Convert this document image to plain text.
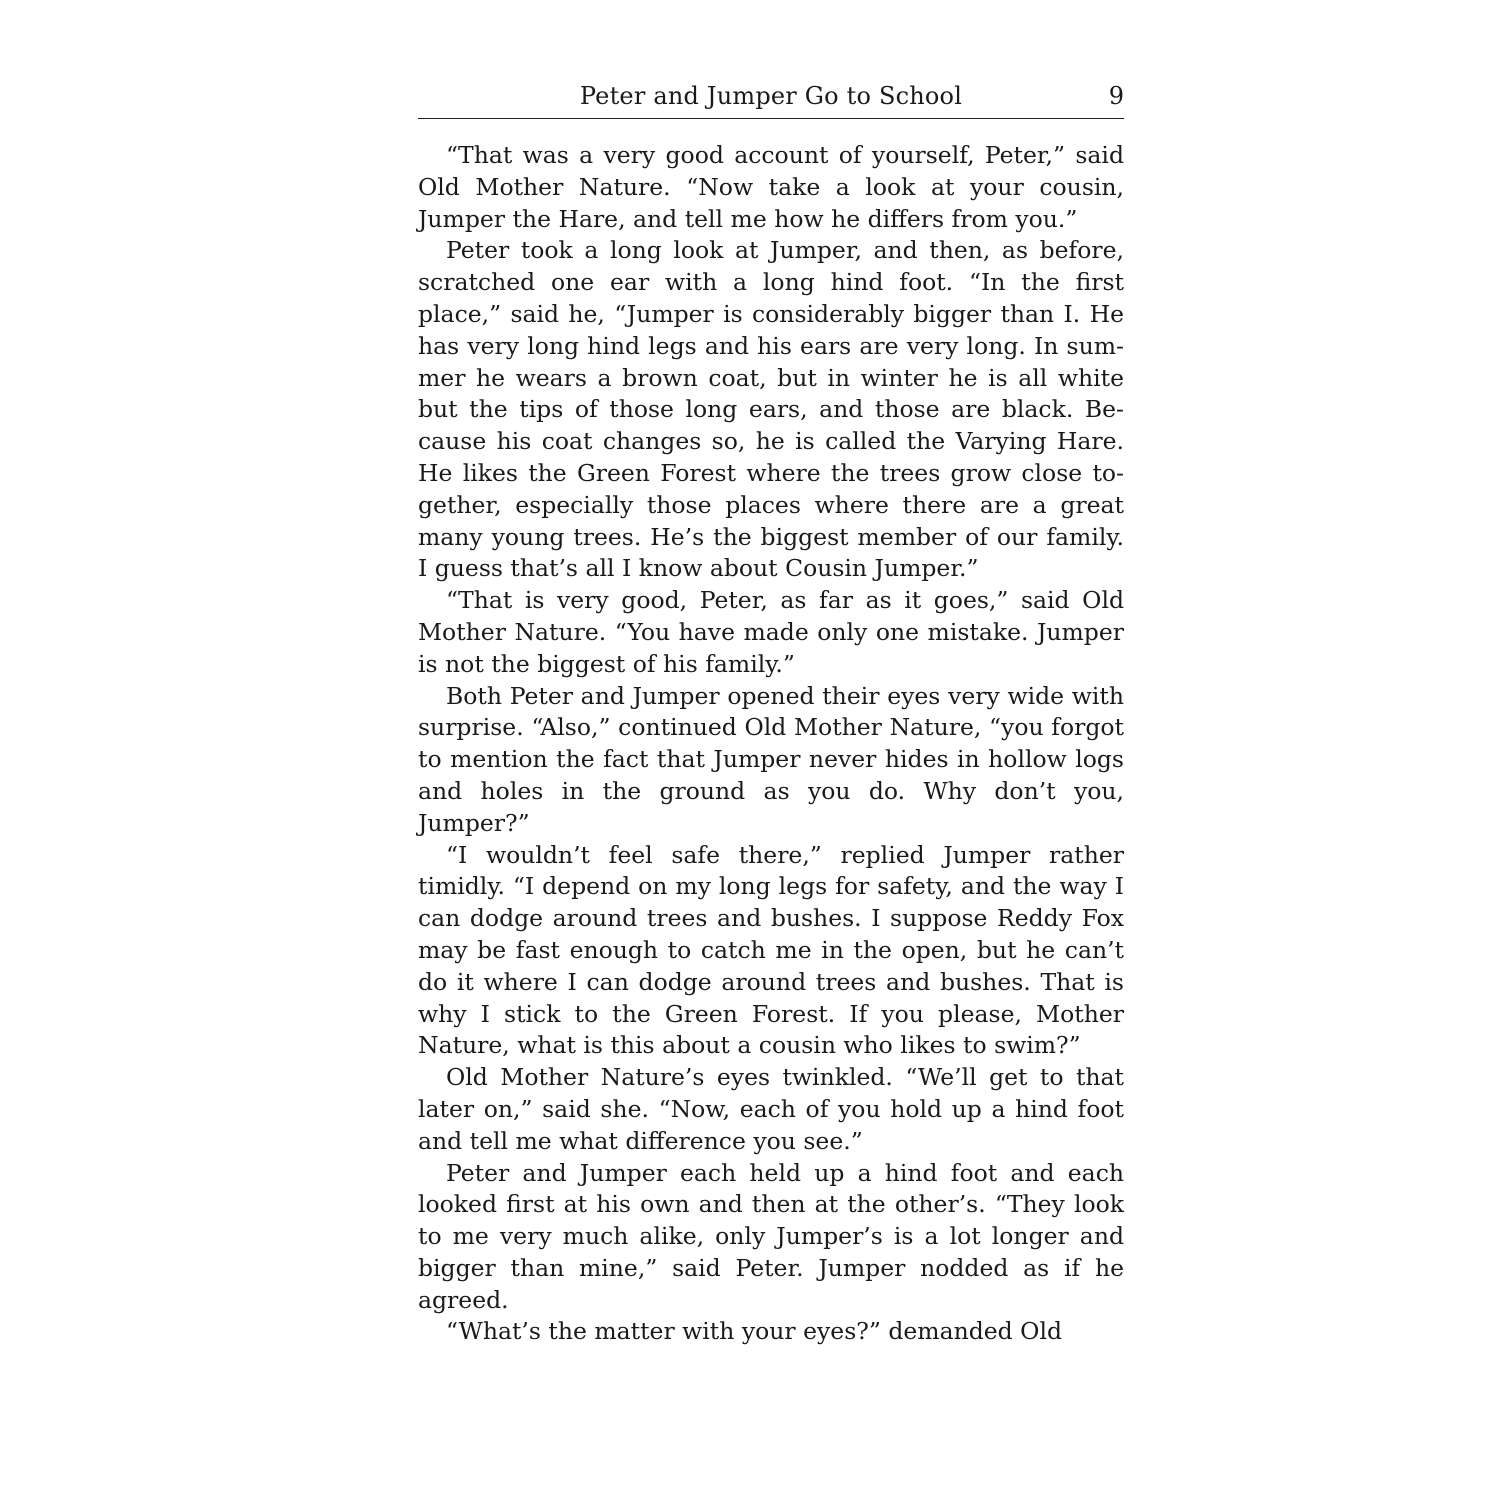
Peter and Jumper Go to School	9

“That was a very good account of yourself, Peter,” said Old Mother Nature. “Now take a look at your cousin, Jumper the Hare, and tell me how he differs from you.”

Peter took a long look at Jumper, and then, as before, scratched one ear with a long hind foot. “In the first place,” said he, “Jumper is considerably bigger than I. He has very long hind legs and his ears are very long. In summer he wears a brown coat, but in winter he is all white but the tips of those long ears, and those are black. Because his coat changes so, he is called the Varying Hare. He likes the Green Forest where the trees grow close together, especially those places where there are a great many young trees. He’s the biggest member of our family. I guess that’s all I know about Cousin Jumper.”

“That is very good, Peter, as far as it goes,” said Old Mother Nature. “You have made only one mistake. Jumper is not the biggest of his family.”

Both Peter and Jumper opened their eyes very wide with surprise. “Also,” continued Old Mother Nature, “you forgot to mention the fact that Jumper never hides in hollow logs and holes in the ground as you do. Why don’t you, Jumper?”

“I wouldn’t feel safe there,” replied Jumper rather timidly. “I depend on my long legs for safety, and the way I can dodge around trees and bushes. I suppose Reddy Fox may be fast enough to catch me in the open, but he can’t do it where I can dodge around trees and bushes. That is why I stick to the Green Forest. If you please, Mother Nature, what is this about a cousin who likes to swim?”

Old Mother Nature’s eyes twinkled. “We’ll get to that later on,” said she. “Now, each of you hold up a hind foot and tell me what difference you see.”

Peter and Jumper each held up a hind foot and each looked first at his own and then at the other’s. “They look to me very much alike, only Jumper’s is a lot longer and bigger than mine,” said Peter. Jumper nodded as if he agreed.

“What’s the matter with your eyes?” demanded Old
